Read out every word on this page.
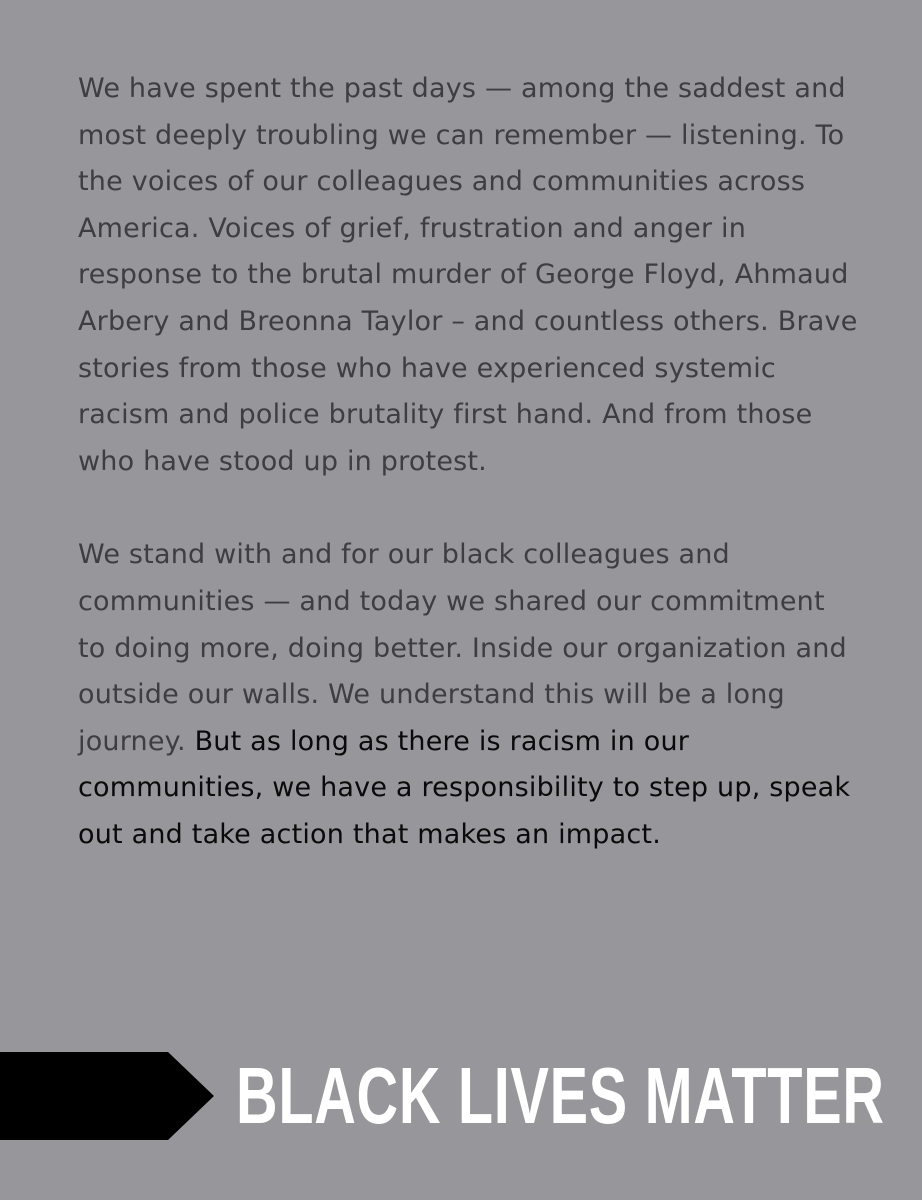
We have spent the past days — among the saddest and most deeply troubling we can remember — listening. To the voices of our colleagues and communities across America. Voices of grief, frustration and anger in response to the brutal murder of George Floyd, Ahmaud Arbery and Breonna Taylor – and countless others. Brave stories from those who have experienced systemic racism and police brutality first hand. And from those who have stood up in protest.

We stand with and for our black colleagues and communities — and today we shared our commitment to doing more, doing better. Inside our organization and outside our walls. We understand this will be a long journey. But as long as there is racism in our communities, we have a responsibility to step up, speak out and take action that makes an impact.

BLACK LIVES MATTER
